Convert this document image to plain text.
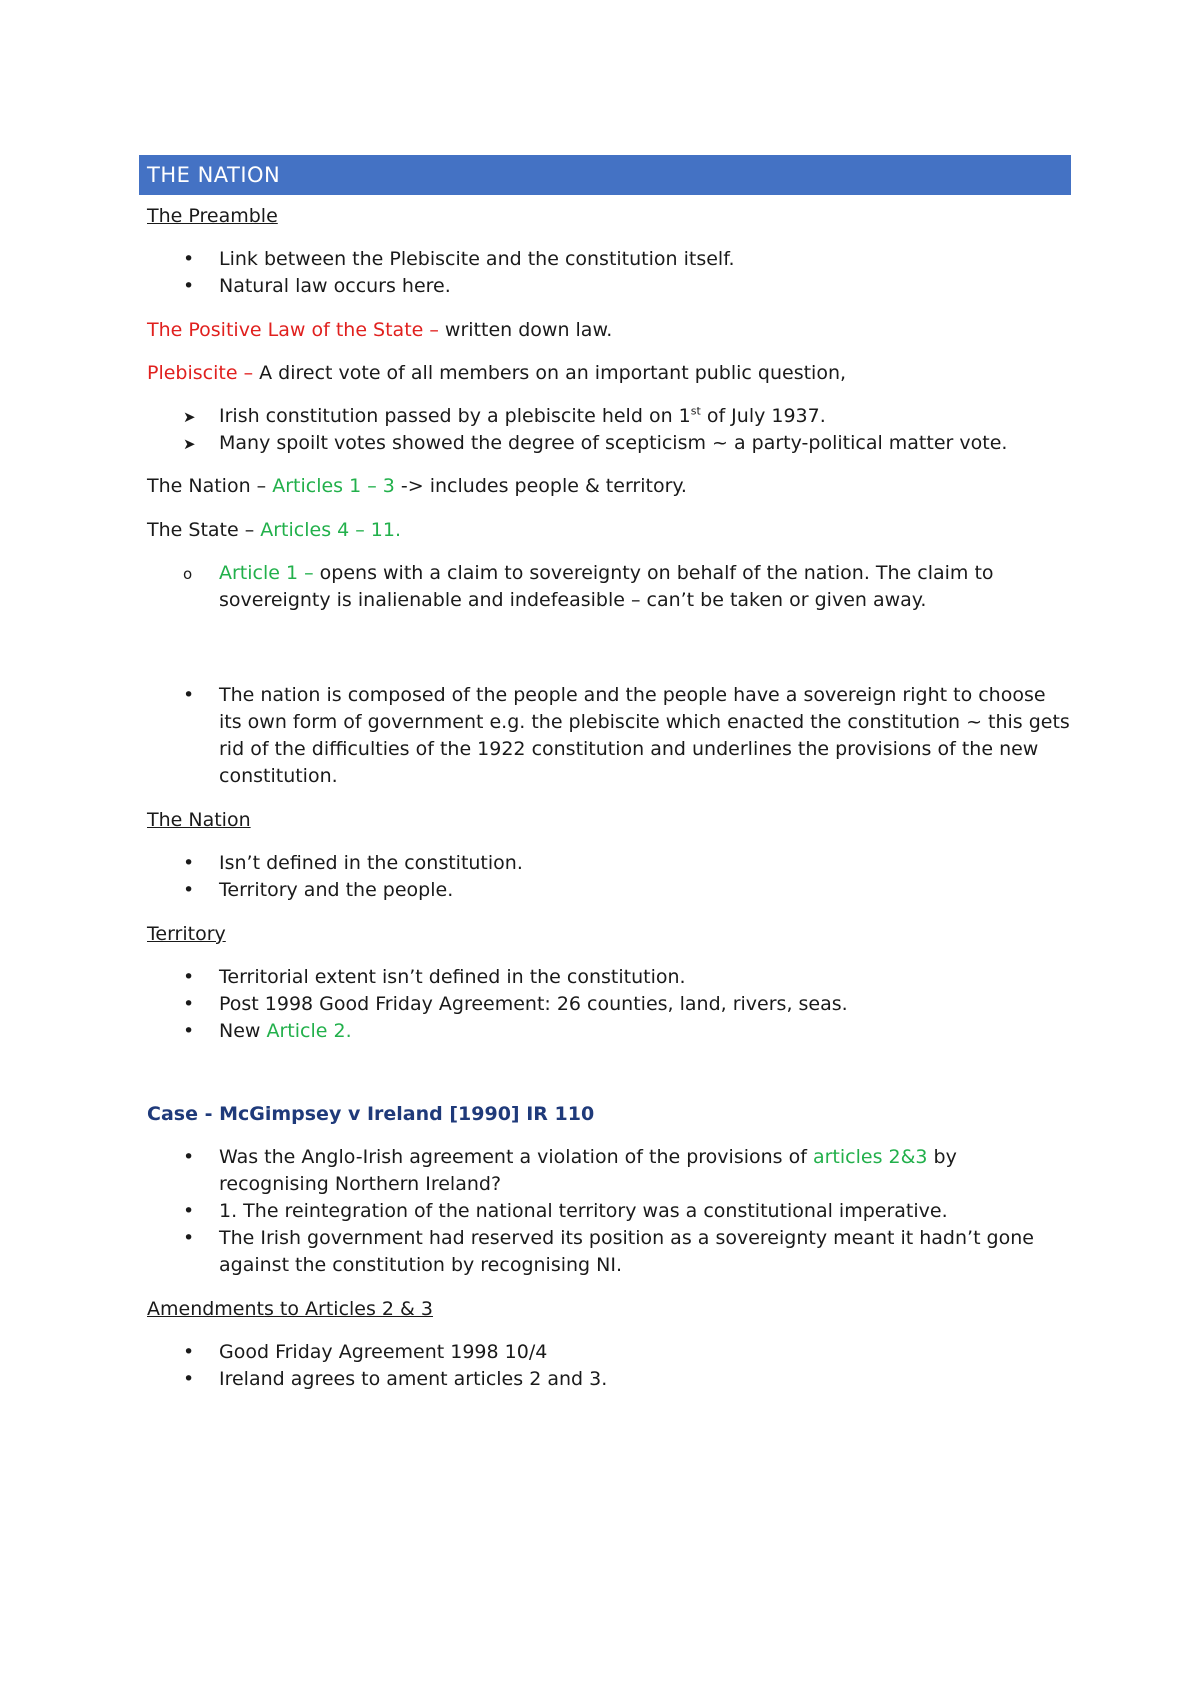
THE NATION

The Preamble

•
Link between the Plebiscite and the constitution itself.
•
Natural law occurs here.

The Positive Law of the State – written down law.

Plebiscite – A direct vote of all members on an important public question,

➤
Irish constitution passed by a plebiscite held on 1st of July 1937.
➤
Many spoilt votes showed the degree of scepticism ~ a party-political matter vote.

The Nation – Articles 1 – 3 -> includes people & territory.

The State – Articles 4 – 11.

o
Article 1 – opens with a claim to sovereignty on behalf of the nation. The claim to sovereignty is inalienable and indefeasible – can’t be taken or given away.
•
The nation is composed of the people and the people have a sovereign right to choose its own form of government e.g. the plebiscite which enacted the constitution ~ this gets rid of the difficulties of the 1922 constitution and underlines the provisions of the new constitution.

The Nation

•
Isn’t defined in the constitution.
•
Territory and the people.

Territory

•
Territorial extent isn’t defined in the constitution.
•
Post 1998 Good Friday Agreement: 26 counties, land, rivers, seas.
•
New Article 2.

Case - McGimpsey v Ireland [1990] IR 110

•
Was the Anglo-Irish agreement a violation of the provisions of articles 2&3 by recognising Northern Ireland?
•
1. The reintegration of the national territory was a constitutional imperative.
•
The Irish government had reserved its position as a sovereignty meant it hadn’t gone against the constitution by recognising NI.

Amendments to Articles 2 & 3

•
Good Friday Agreement 1998 10/4
•
Ireland agrees to ament articles 2 and 3.
